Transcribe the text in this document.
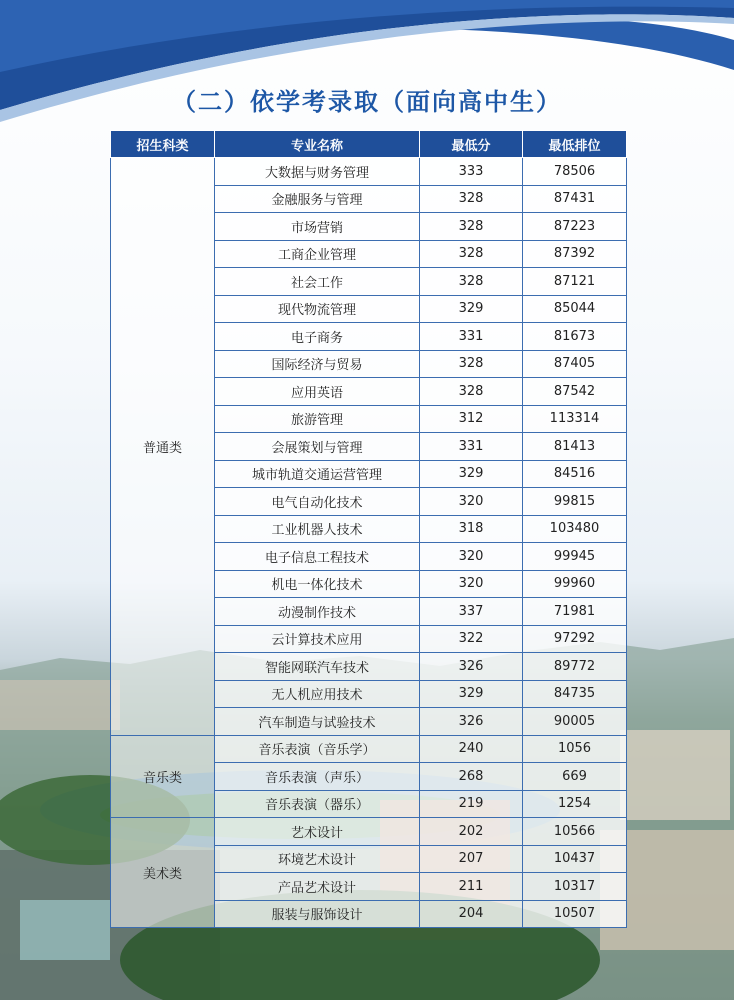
（二）依学考录取（面向高中生）
招生科类	专业名称	最低分	最低排位
普通类	大数据与财务管理	333	78506
	金融服务与管理	328	87431
	市场营销	328	87223
	工商企业管理	328	87392
	社会工作	328	87121
	现代物流管理	329	85044
	电子商务	331	81673
	国际经济与贸易	328	87405
	应用英语	328	87542
	旅游管理	312	113314
	会展策划与管理	331	81413
	城市轨道交通运营管理	329	84516
	电气自动化技术	320	99815
	工业机器人技术	318	103480
	电子信息工程技术	320	99945
	机电一体化技术	320	99960
	动漫制作技术	337	71981
	云计算技术应用	322	97292
	智能网联汽车技术	326	89772
	无人机应用技术	329	84735
	汽车制造与试验技术	326	90005
音乐类	音乐表演（音乐学）	240	1056
	音乐表演（声乐）	268	669
	音乐表演（器乐）	219	1254
美术类	艺术设计	202	10566
	环境艺术设计	207	10437
	产品艺术设计	211	10317
	服装与服饰设计	204	10507
